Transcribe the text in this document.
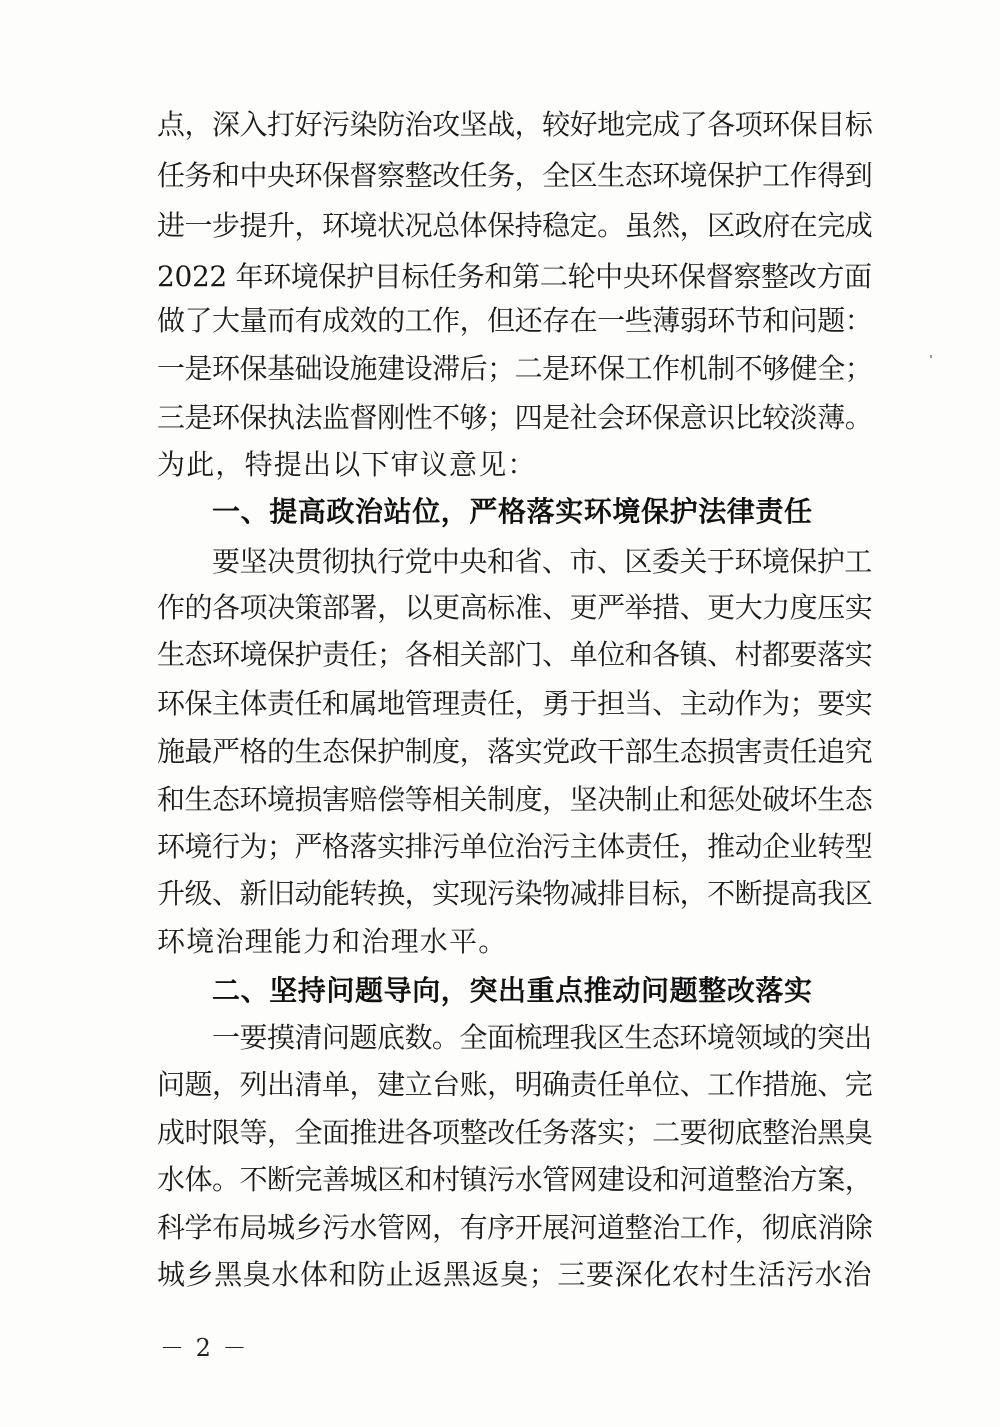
点，深入打好污染防治攻坚战，较好地完成了各项环保目标
任务和中央环保督察整改任务，全区生态环境保护工作得到
进一步提升，环境状况总体保持稳定。虽然，区政府在完成
2022 年环境保护目标任务和第二轮中央环保督察整改方面
做了大量而有成效的工作，但还存在一些薄弱环节和问题：
一是环保基础设施建设滞后；二是环保工作机制不够健全；
三是环保执法监督刚性不够；四是社会环保意识比较淡薄。
为此，特提出以下审议意见：
一、提高政治站位，严格落实环境保护法律责任
要坚决贯彻执行党中央和省、市、区委关于环境保护工
作的各项决策部署，以更高标准、更严举措、更大力度压实
生态环境保护责任；各相关部门、单位和各镇、村都要落实
环保主体责任和属地管理责任，勇于担当、主动作为；要实
施最严格的生态保护制度，落实党政干部生态损害责任追究
和生态环境损害赔偿等相关制度，坚决制止和惩处破坏生态
环境行为；严格落实排污单位治污主体责任，推动企业转型
升级、新旧动能转换，实现污染物减排目标，不断提高我区
环境治理能力和治理水平。
二、坚持问题导向，突出重点推动问题整改落实
一要摸清问题底数。全面梳理我区生态环境领域的突出
问题，列出清单，建立台账，明确责任单位、工作措施、完
成时限等，全面推进各项整改任务落实；二要彻底整治黑臭
水体。不断完善城区和村镇污水管网建设和河道整治方案，
科学布局城乡污水管网，有序开展河道整治工作，彻底消除
城乡黑臭水体和防止返黑返臭；三要深化农村生活污水治
－ 2 －
